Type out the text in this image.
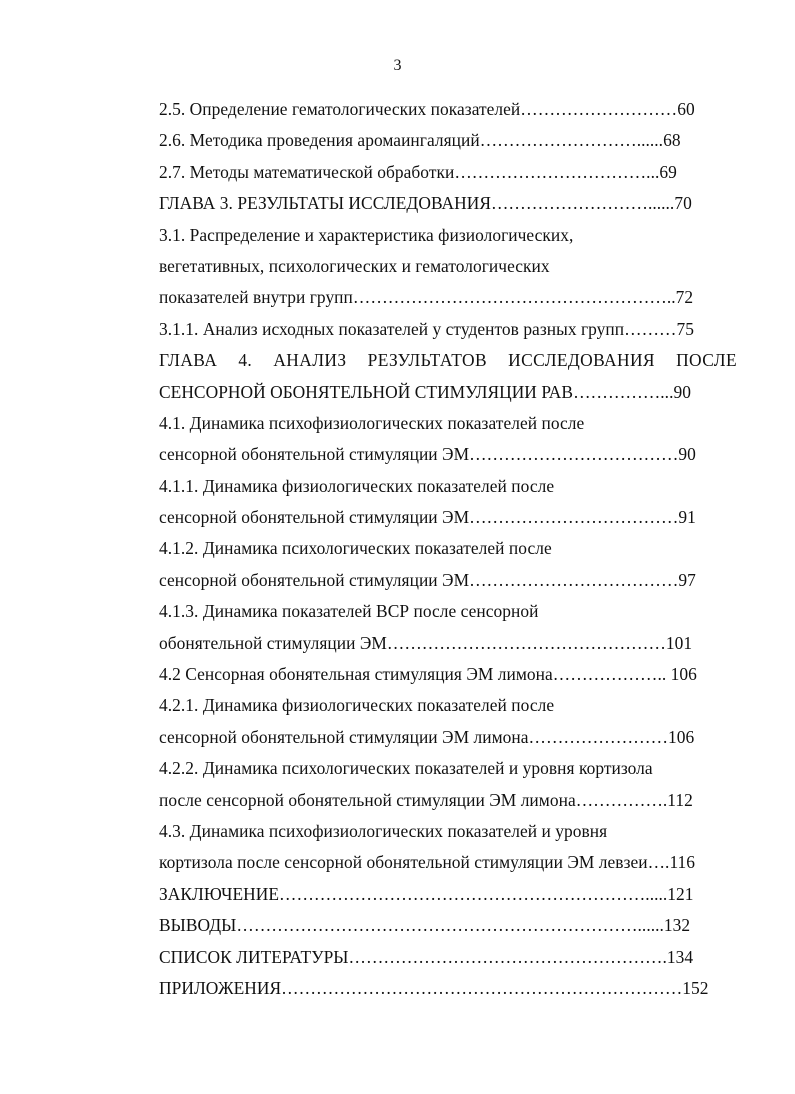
3
2.5. Определение гематологических показателей………………………60
2.6. Методика проведения аромаингаляций………………………......68
2.7. Методы математической обработки……………………………...69
ГЛАВА 3. РЕЗУЛЬТАТЫ ИССЛЕДОВАНИЯ………………………......70
3.1. Распределение и характеристика физиологических,
вегетативных, психологических и гематологических
показателей внутри групп………………………………………………..72
3.1.1. Анализ исходных показателей у студентов разных групп………75
ГЛАВА 4. АНАЛИЗ РЕЗУЛЬТАТОВ ИССЛЕДОВАНИЯ ПОСЛЕ
СЕНСОРНОЙ ОБОНЯТЕЛЬНОЙ СТИМУЛЯЦИИ РАВ……………...90
4.1. Динамика психофизиологических показателей после
сенсорной обонятельной стимуляции ЭМ………………………………90
4.1.1. Динамика физиологических показателей после
сенсорной обонятельной стимуляции ЭМ………………………………91
4.1.2. Динамика психологических показателей после
сенсорной обонятельной стимуляции ЭМ………………………………97
4.1.3. Динамика показателей ВСР после сенсорной
обонятельной стимуляции ЭМ…………………………………………101
4.2 Сенсорная обонятельная стимуляция ЭМ лимона……………….. 106
4.2.1. Динамика физиологических показателей после
сенсорной обонятельной стимуляции ЭМ лимона……………………106
4.2.2. Динамика психологических показателей и уровня кортизола
после сенсорной обонятельной стимуляции ЭМ лимона…………….112
4.3. Динамика психофизиологических показателей и уровня
кортизола после сенсорной обонятельной стимуляции ЭМ левзеи….116
ЗАКЛЮЧЕНИЕ……………………………………………………….....121
ВЫВОДЫ……………………………………………………………......132
СПИСОК ЛИТЕРАТУРЫ……………………………………………….134
ПРИЛОЖЕНИЯ……………………………………………………………152
